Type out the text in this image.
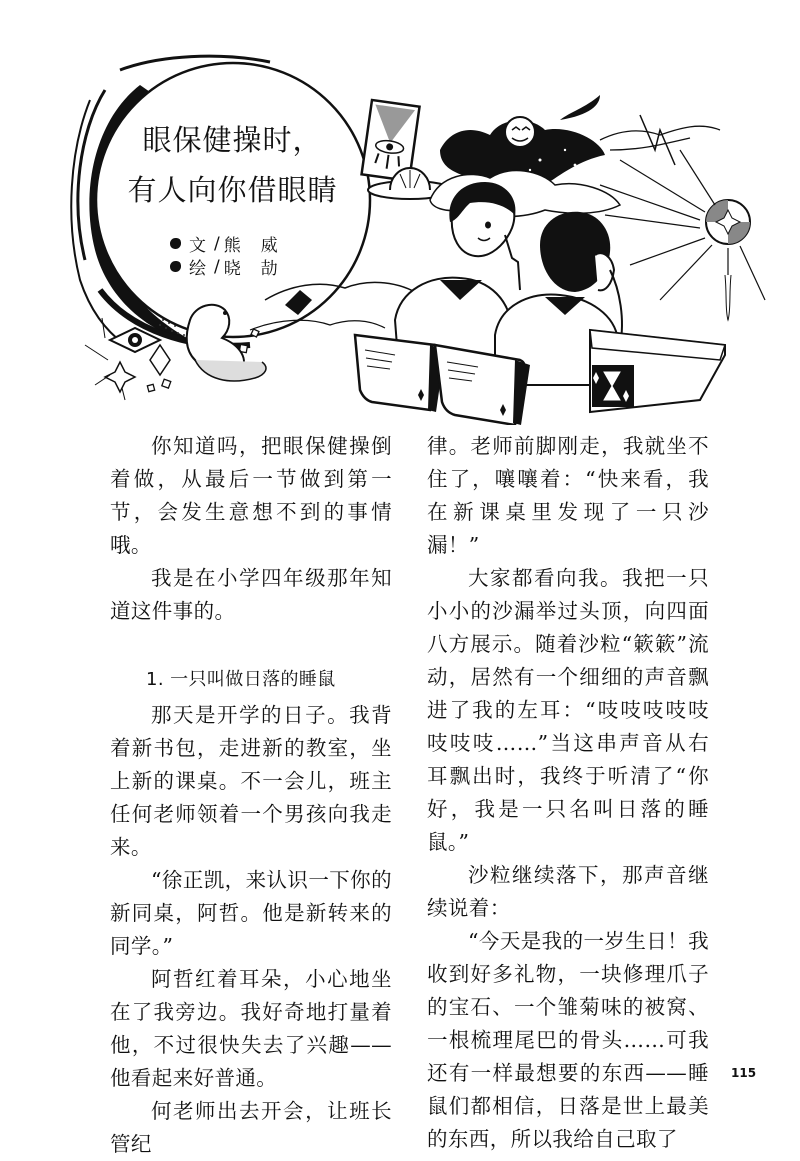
眼保健操时，
有人向你借眼睛
文 / 熊威
绘 / 晓劼

你知道吗，把眼保健操倒着做，从最后一节做到第一节，会发生意想不到的事情哦。

我是在小学四年级那年知道这件事的。

1. 一只叫做日落的睡鼠

那天是开学的日子。我背着新书包，走进新的教室，坐上新的课桌。不一会儿，班主任何老师领着一个男孩向我走来。

“徐正凯，来认识一下你的新同桌，阿哲。他是新转来的同学。”

阿哲红着耳朵，小心地坐在了我旁边。我好奇地打量着他，不过很快失去了兴趣——他看起来好普通。

何老师出去开会，让班长管纪

律。老师前脚刚走，我就坐不住了，嚷嚷着：“快来看，我在新课桌里发现了一只沙漏！”

大家都看向我。我把一只小小的沙漏举过头顶，向四面八方展示。随着沙粒“簌簌”流动，居然有一个细细的声音飘进了我的左耳：“吱吱吱吱吱吱吱吱……”当这串声音从右耳飘出时，我终于听清了“你好，我是一只名叫日落的睡鼠。”

沙粒继续落下，那声音继续说着：

“今天是我的一岁生日！我收到好多礼物，一块修理爪子的宝石、一个雏菊味的被窝、一根梳理尾巴的骨头……可我还有一样最想要的东西——睡鼠们都相信，日落是世上最美的东西，所以我给自己取了

115
